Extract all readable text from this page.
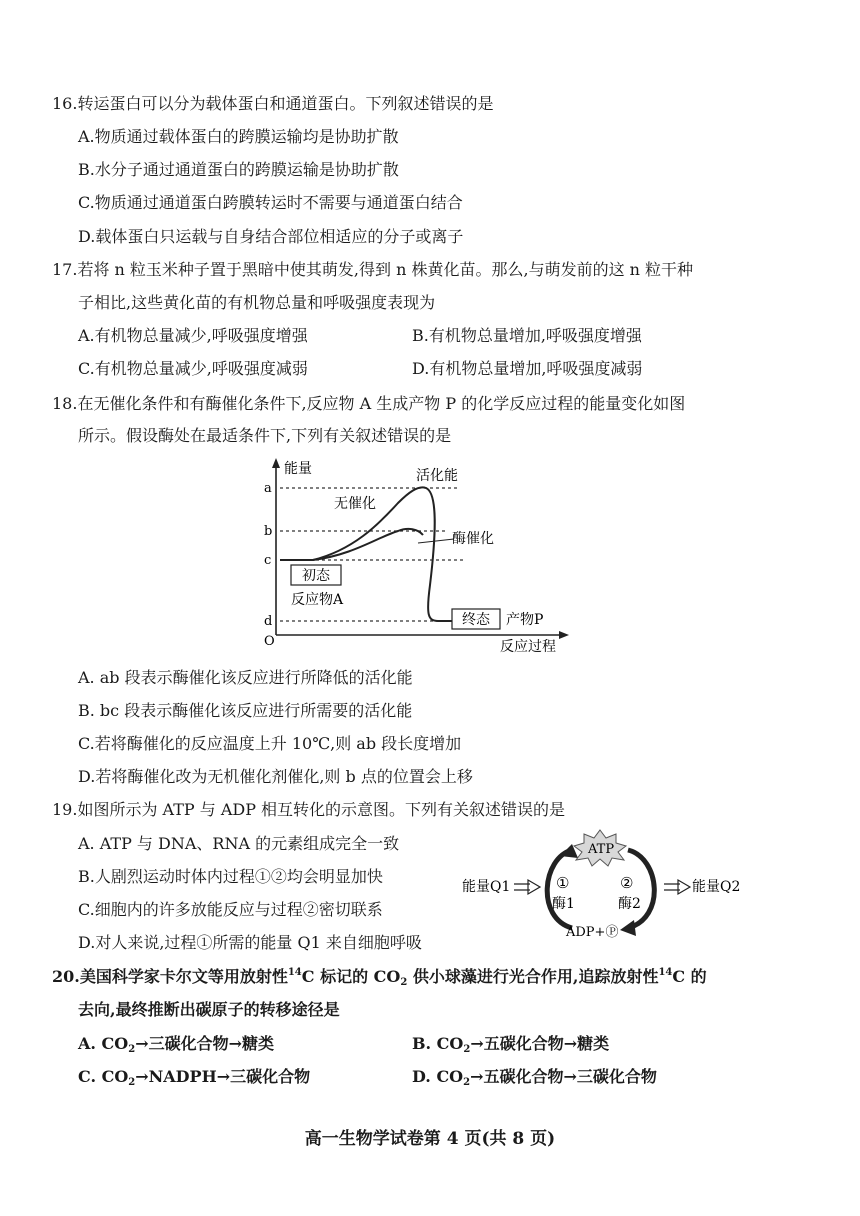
16.转运蛋白可以分为载体蛋白和通道蛋白。下列叙述错误的是
A.物质通过载体蛋白的跨膜运输均是协助扩散
B.水分子通过通道蛋白的跨膜运输是协助扩散
C.物质通过通道蛋白跨膜转运时不需要与通道蛋白结合
D.载体蛋白只运载与自身结合部位相适应的分子或离子
17.若将 n 粒玉米种子置于黑暗中使其萌发,得到 n 株黄化苗。那么,与萌发前的这 n 粒干种
子相比,这些黄化苗的有机物总量和呼吸强度表现为
A.有机物总量减少,呼吸强度增强	B.有机物总量增加,呼吸强度增强
C.有机物总量减少,呼吸强度减弱	D.有机物总量增加,呼吸强度减弱
18.在无催化条件和有酶催化条件下,反应物 A 生成产物 P 的化学反应过程的能量变化如图
所示。假设酶处在最适条件下,下列有关叙述错误的是
能量
反应过程
O
a
b
c
d
活化能
无催化
酶催化
初态
反应物A
终态 产物P
A. ab 段表示酶催化该反应进行所降低的活化能
B. bc 段表示酶催化该反应进行所需要的活化能
C.若将酶催化的反应温度上升 10℃,则 ab 段长度增加
D.若将酶催化改为无机催化剂催化,则 b 点的位置会上移
19.如图所示为 ATP 与 ADP 相互转化的示意图。下列有关叙述错误的是
A. ATP 与 DNA、RNA 的元素组成完全一致
B.人剧烈运动时体内过程①②均会明显加快
C.细胞内的许多放能反应与过程②密切联系
D.对人来说,过程①所需的能量 Q1 来自细胞呼吸
ATP
ADP+Ⓟ
①
酶1
②
酶2
能量Q1	能量Q2
20.美国科学家卡尔文等用放射性$^{14}$C 标记的 $CO_2$ 供小球藻进行光合作用,追踪放射性$^{14}$C 的
去向,最终推断出碳原子的转移途径是
A. $CO_2\to$三碳化合物→糖类	B. $CO_2\to$五碳化合物→糖类
C. $CO_2\to NADPH\to$三碳化合物	D. $CO_2\to$五碳化合物→三碳化合物
高一生物学试卷第 4 页(共 8 页)
